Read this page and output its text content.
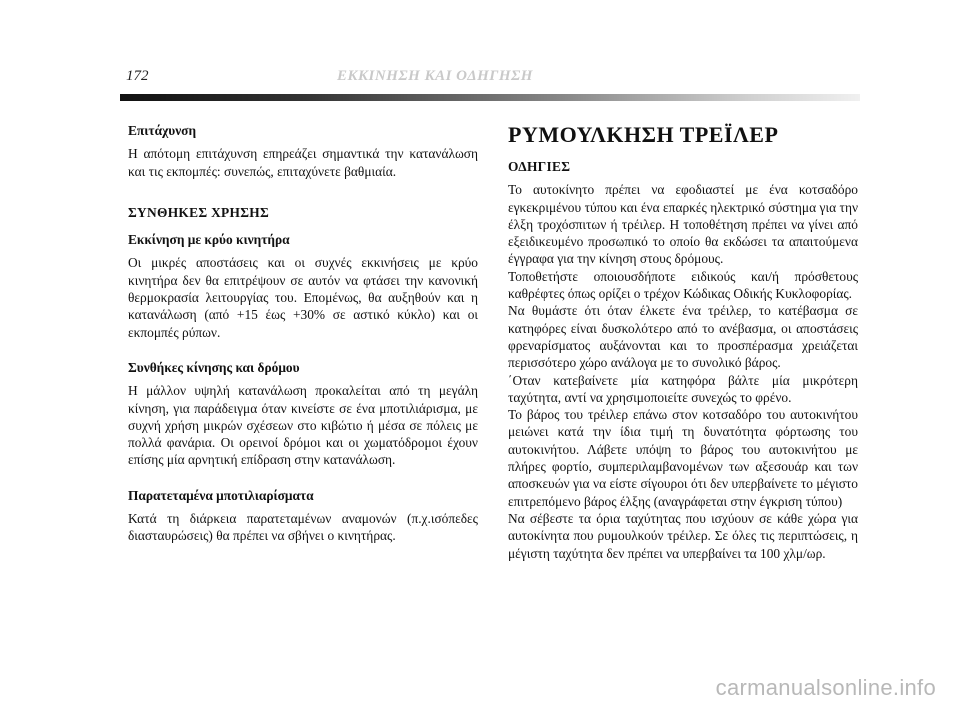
172	ΕΚΚΙΝΗΣΗ ΚΑΙ ΟΔΗΓΗΣΗ
Επιτάχυνση

Η απότομη επιτάχυνση επηρεάζει σημαντικά την κατανάλωση και τις εκπομπές: συνεπώς, επιταχύνετε βαθμιαία.

ΣΥΝΘΗΚΕΣ ΧΡΗΣΗΣ
Εκκίνηση με κρύο κινητήρα

Οι μικρές αποστάσεις και οι συχνές εκκινήσεις με κρύο κινητήρα δεν θα επιτρέψουν σε αυτόν να φτάσει την κανονική θερμοκρασία λειτουργίας του. Επομένως, θα αυξηθούν και η κατανάλωση (από +15 έως +30% σε αστικό κύκλο) και οι εκπομπές ρύπων.

Συνθήκες κίνησης και δρόμου

Η μάλλον υψηλή κατανάλωση προκαλείται από τη μεγάλη κίνηση, για παράδειγμα όταν κινείστε σε ένα μποτιλιάρισμα, με συχνή χρήση μικρών σχέσεων στο κιβώτιο ή μέσα σε πόλεις με πολλά φανάρια. Οι ορεινοί δρόμοι και οι χωματόδρομοι έχουν επίσης μία αρνητική επίδραση στην κατανάλωση.

Παρατεταμένα μποτιλιαρίσματα

Κατά τη διάρκεια παρατεταμένων αναμονών (π.χ.ισόπεδες διασταυρώσεις) θα πρέπει να σβήνει ο κινητήρας.

ΡΥΜΟΥΛΚΗΣΗ ΤΡΕΪΛΕΡ
ΟΔΗΓΙΕΣ

Το αυτοκίνητο πρέπει να εφοδιαστεί με ένα κοτσαδόρο εγκεκριμένου τύπου και ένα επαρκές ηλεκτρικό σύστημα για την έλξη τροχόσπιτων ή τρέιλερ. Η τοποθέτηση πρέπει να γίνει από εξειδικευμένο προσωπικό το οποίο θα εκδώσει τα απαιτούμενα έγγραφα για την κίνηση στους δρόμους.

Τοποθετήστε οποιουσδήποτε ειδικούς και/ή πρόσθετους καθρέφτες όπως ορίζει ο τρέχον Κώδικας Οδικής Κυκλοφορίας.

Να θυμάστε ότι όταν έλκετε ένα τρέιλερ, το κατέβασμα σε κατηφόρες είναι δυσκολότερο από το ανέβασμα, οι αποστάσεις φρεναρίσματος αυξάνονται και το προσπέρασμα χρειάζεται περισσότερο χώρο ανάλογα με το συνολικό βάρος.

΄Οταν κατεβαίνετε μία κατηφόρα βάλτε μία μικρότερη ταχύτητα, αντί να χρησιμοποιείτε συνεχώς το φρένο.

Το βάρος του τρέιλερ επάνω στον κοτσαδόρο του αυτοκινήτου μειώνει κατά την ίδια τιμή τη δυνατότητα φόρτωσης του αυτοκινήτου. Λάβετε υπόψη το βάρος του αυτοκινήτου με πλήρες φορτίο, συμπεριλαμβανομένων των αξεσουάρ και των αποσκευών για να είστε σίγουροι ότι δεν υπερβαίνετε το μέγιστο επιτρεπόμενο βάρος έλξης (αναγράφεται στην έγκριση τύπου)

Να σέβεστε τα όρια ταχύτητας που ισχύουν σε κάθε χώρα για αυτοκίνητα που ρυμουλκούν τρέιλερ. Σε όλες τις περιπτώσεις, η μέγιστη ταχύτητα δεν πρέπει να υπερβαίνει τα 100 χλμ/ωρ.

carmanualsonline.info
